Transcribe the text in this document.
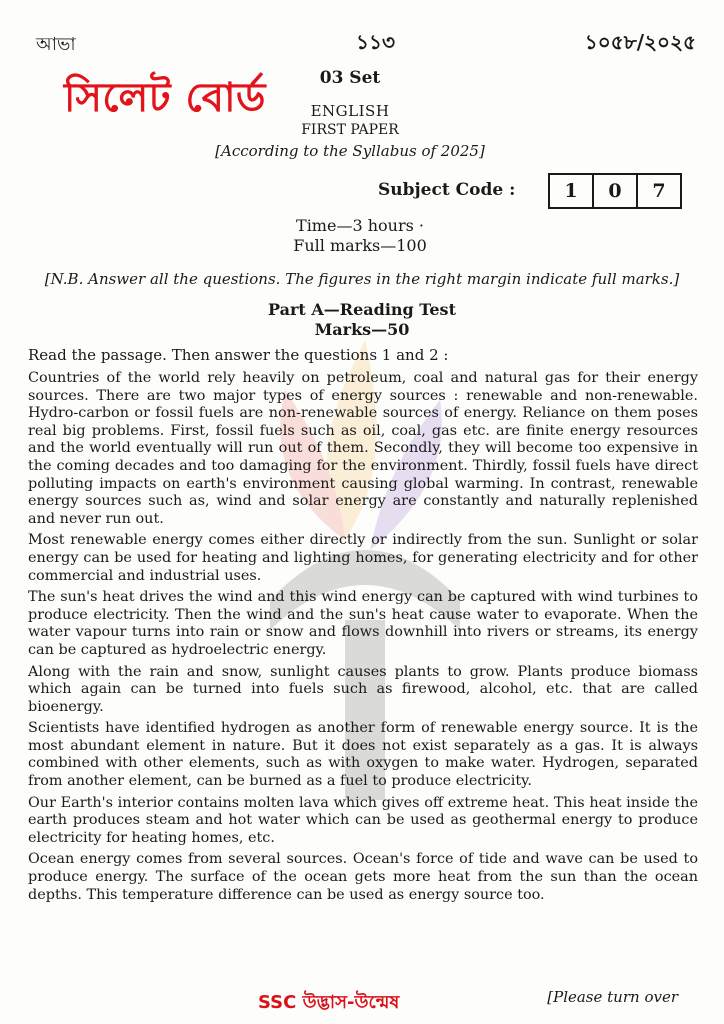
আভা	১১৩	১০৫৮/২০২৫
সিলেট বোর্ড	03 Set
ENGLISH
FIRST PAPER
[According to the Syllabus of 2025]
Subject Code :	1	0	7
Time—3 hours ·
Full marks—100
[N.B. Answer all the questions. The figures in the right margin indicate full marks.]
Part A—Reading Test
Marks—50
Read the passage. Then answer the questions 1 and 2 :

Countries of the world rely heavily on petroleum, coal and natural gas for their energy sources. There are two major types of energy sources : renewable and non-renewable. Hydro-carbon or fossil fuels are non-renewable sources of energy. Reliance on them poses real big problems. First, fossil fuels such as oil, coal, gas etc. are finite energy resources and the world eventually will run out of them. Secondly, they will become too expensive in the coming decades and too damaging for the environment. Thirdly, fossil fuels have direct polluting impacts on earth's environment causing global warming. In contrast, renewable energy sources such as, wind and solar energy are constantly and naturally replenished and never run out.

Most renewable energy comes either directly or indirectly from the sun. Sunlight or solar energy can be used for heating and lighting homes, for generating electricity and for other commercial and industrial uses.

The sun's heat drives the wind and this wind energy can be captured with wind turbines to produce electricity. Then the wind and the sun's heat cause water to evaporate. When the water vapour turns into rain or snow and flows downhill into rivers or streams, its energy can be captured as hydroelectric energy.

Along with the rain and snow, sunlight causes plants to grow. Plants produce biomass which again can be turned into fuels such as firewood, alcohol, etc. that are called bioenergy.

Scientists have identified hydrogen as another form of renewable energy source. It is the most abundant element in nature. But it does not exist separately as a gas. It is always combined with other elements, such as with oxygen to make water. Hydrogen, separated from another element, can be burned as a fuel to produce electricity.

Our Earth's interior contains molten lava which gives off extreme heat. This heat inside the earth produces steam and hot water which can be used as geothermal energy to produce electricity for heating homes, etc.

Ocean energy comes from several sources. Ocean's force of tide and wave can be used to produce energy. The surface of the ocean gets more heat from the sun than the ocean depths. This temperature difference can be used as energy source too.

SSC উদ্ভাস-উন্মেষ	[Please turn over
